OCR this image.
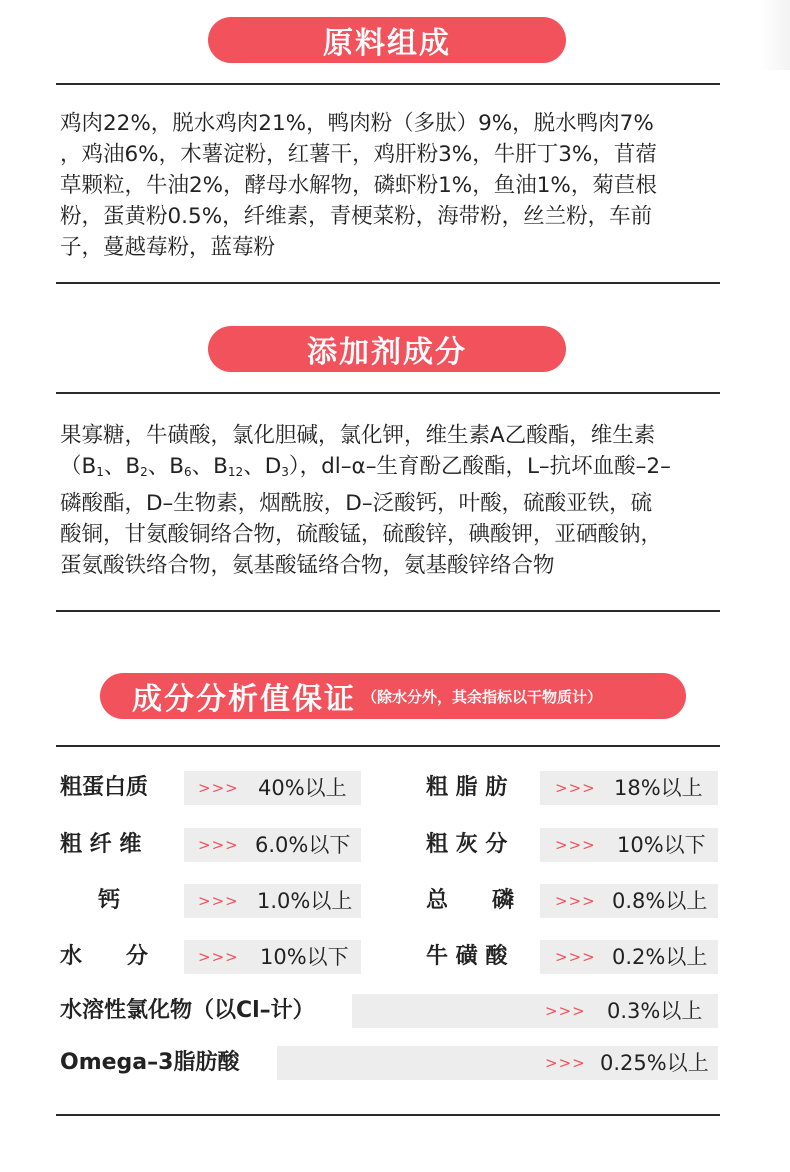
原料组成
鸡肉22%，脱水鸡肉21%，鸭肉粉（多肽）9%，脱水鸭肉7%
，鸡油6%，木薯淀粉，红薯干，鸡肝粉3%，牛肝丁3%，苜蓿
草颗粒，牛油2%，酵母水解物，磷虾粉1%，鱼油1%，菊苣根
粉，蛋黄粉0.5%，纤维素，青梗菜粉，海带粉，丝兰粉，车前
子，蔓越莓粉，蓝莓粉
添加剂成分
果寡糖，牛磺酸，氯化胆碱，氯化钾，维生素A乙酸酯，维生素
（$B_1$、$B_2$、$B_6$、$B_{12}$、$D_3$），dl–α–生育酚乙酸酯，L–抗坏血酸–2–
磷酸酯，D–生物素，烟酰胺，D–泛酸钙，叶酸，硫酸亚铁，硫
酸铜，甘氨酸铜络合物，硫酸锰，硫酸锌，碘酸钾，亚硒酸钠，
蛋氨酸铁络合物，氨基酸锰络合物，氨基酸锌络合物
成分分析值保证 （除水分外，其余指标以干物质计）
粗蛋白质	>>> 40%以上	粗 脂 肪	>>> 18%以上
粗 纤 维	>>> 6.0%以下	粗 灰 分	>>> 10%以下
钙	>>> 1.0%以上	总　　磷	>>> 0.8%以上
水　　分	>>> 10%以下	牛 磺 酸	>>> 0.2%以上
水溶性氯化物（以Cl–计）	>>> 0.3%以上
Omega–3脂肪酸	>>> 0.25%以上
